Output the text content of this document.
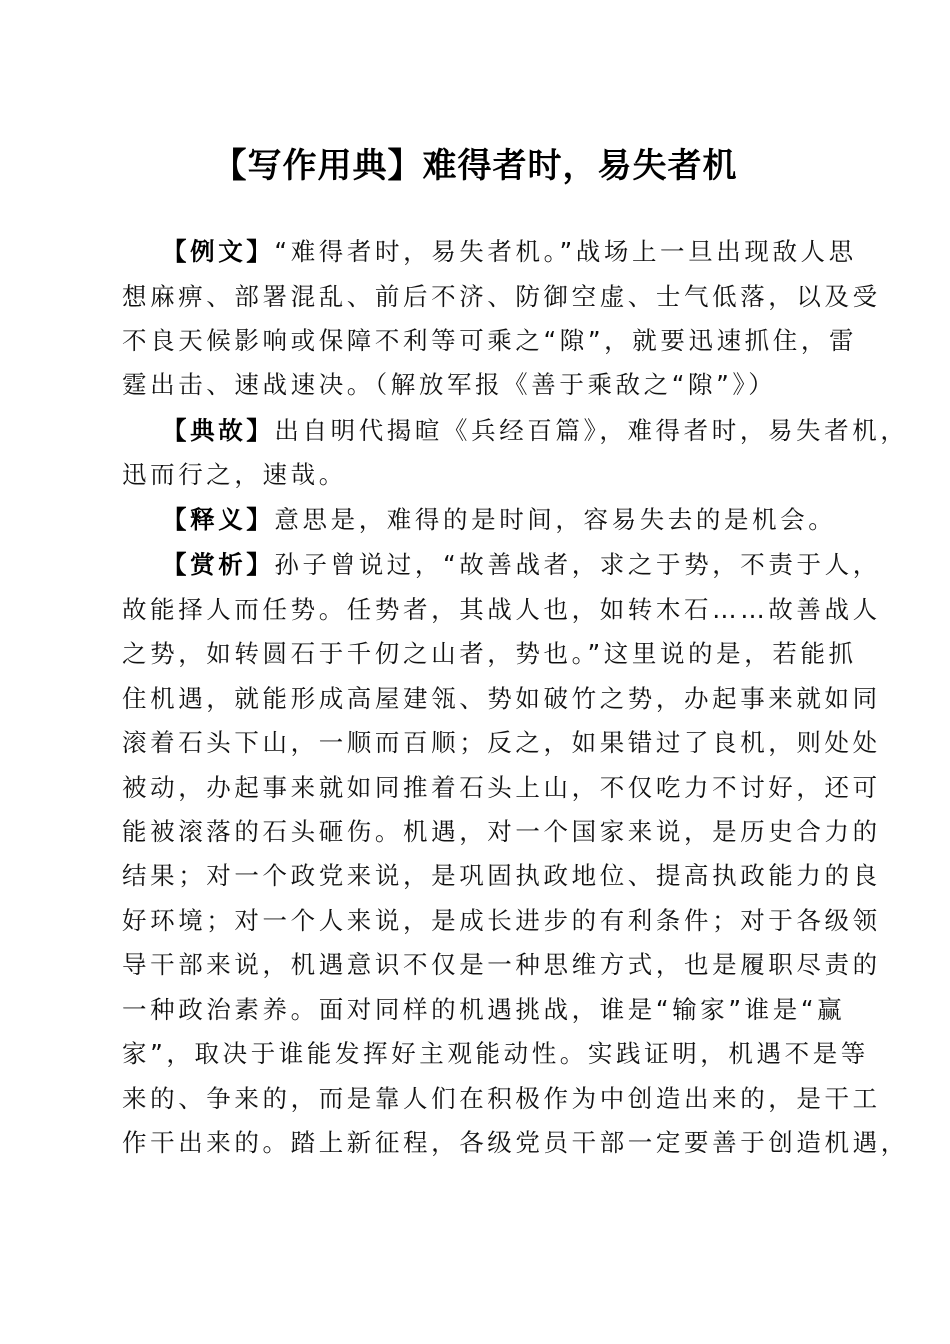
【写作用典】难得者时，易失者机
【例文】“难得者时，易失者机。”战场上一旦出现敌人思
想麻痹、部署混乱、前后不济、防御空虚、士气低落，以及受
不良天候影响或保障不利等可乘之“隙”，就要迅速抓住，雷
霆出击、速战速决。（解放军报《善于乘敌之“隙”》）
【典故】出自明代揭暄《兵经百篇》，难得者时，易失者机，
迅而行之，速哉。
【释义】意思是，难得的是时间，容易失去的是机会。
【赏析】孙子曾说过，“故善战者，求之于势，不责于人，
故能择人而任势。任势者，其战人也，如转木石……故善战人
之势，如转圆石于千仞之山者，势也。”这里说的是，若能抓
住机遇，就能形成高屋建瓴、势如破竹之势，办起事来就如同
滚着石头下山，一顺而百顺；反之，如果错过了良机，则处处
被动，办起事来就如同推着石头上山，不仅吃力不讨好，还可
能被滚落的石头砸伤。机遇，对一个国家来说，是历史合力的
结果；对一个政党来说，是巩固执政地位、提高执政能力的良
好环境；对一个人来说，是成长进步的有利条件；对于各级领
导干部来说，机遇意识不仅是一种思维方式，也是履职尽责的
一种政治素养。面对同样的机遇挑战，谁是“输家”谁是“赢
家”，取决于谁能发挥好主观能动性。实践证明，机遇不是等
来的、争来的，而是靠人们在积极作为中创造出来的，是干工
作干出来的。踏上新征程，各级党员干部一定要善于创造机遇，
